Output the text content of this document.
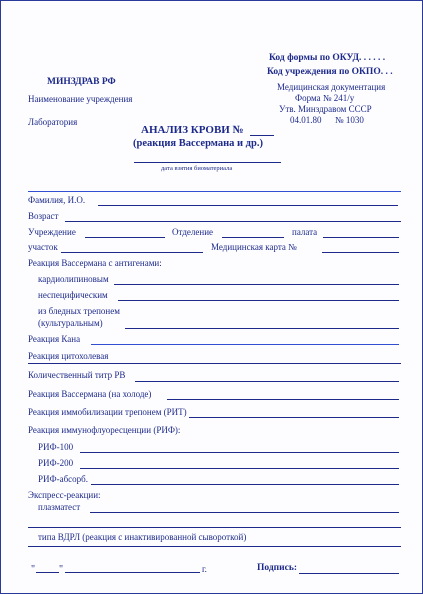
Код формы по ОКУД. . . . . .
Код учреждения по ОКПО. . .
Медицинская документация
Форма № 241/у
Утв. Минздравом СССР
04.01.80 № 1030
МИНЗДРАВ РФ
Наименование учреждения
Лаборатория
АНАЛИЗ КРОВИ №
(реакция Вассермана и др.)
дата взятия биоматериала
Фамилия, И.О.
Возраст
Учреждение	Отделение	палата
участок	Медицинская карта №
Реакция Вассермана с антигенами:
кардиолипиновым
неспецифическим
из бледных трепонем
(культуральным)
Реакция Кана
Реакция цитохолевая
Количественный титр РВ
Реакция Вассермана (на холоде)
Реакция иммобилизации трепонем (РИТ)
Реакция иммунофлуоресценции (РИФ):
РИФ-100
РИФ-200
РИФ-абсорб.
Экспресс-реакции:
плазматест
типа ВДРЛ (реакция с инактивированной сывороткой)
" "	г.	Подпись:
